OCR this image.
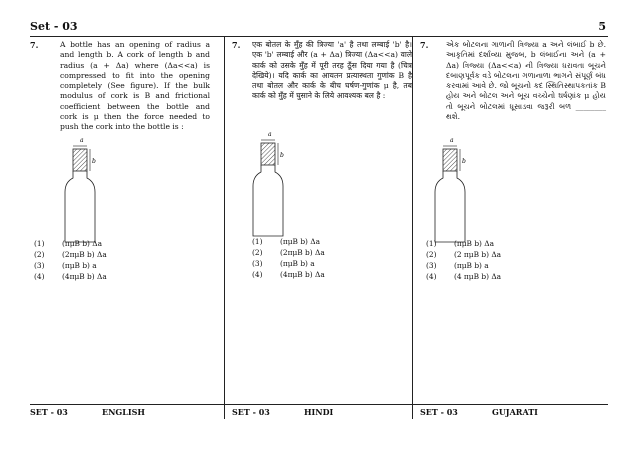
Set - 03	5
7.	A bottle has an opening of radius a and length b. A cork of length b and radius (a + Δa) where (Δa<<a) is compressed to fit into the opening completely (See figure). If the bulk modulus of cork is B and frictional coefficient between the bottle and cork is μ then the force needed to push the cork into the bottle is :
a
b
(1)	(πμB b) Δa
(2)	(2πμB b) Δa
(3)	(πμB b) a
(4)	(4πμB b) Δa
7. एक बोतल के मुँह की त्रिज्या 'a' है तथा लम्बाई 'b' है। एक 'b' लम्बाई और (a + Δa) त्रिज्या (Δa<<a) वाले कार्क को उसके मुँह में पूरी तरह ठूँस दिया गया है (चित्र देखिये)। यदि कार्क का आयतन प्रत्यास्थता गुणांक B है तथा बोतल और कार्क के बीच घर्षण-गुणांक μ है, तब कार्क को मुँह में घुसाने के लिये आवश्यक बल है :
a
b
(1)	(πμB b) Δa
(2)	(2πμB b) Δa
(3)	(πμB b) a
(4)	(4πμB b) Δa
7. એક બોટલના ગાળાની ત્રિજ્યા a અને લંબાઈ b છે. આકૃતિમાં દર્શાવ્યા મુજબ, b લંબાઈના અને (a + Δa) ત્રિજ્યા (Δa<<a) ની ત્રિજ્યા ધરાવતા બૂચને દબાણપૂર્વક વડે બોટલના ગળાનાળા ભાગને સંપૂર્ણ બંધ કરવામાં આવે છે. જો બૂચનો કદ સ્થિતિસ્થાપકતાંક B હોય અને બોટલ અને બૂચ વચ્ચેનો ઘર્ષણાંક μ હોય તો બૂચને બોટલમાં ધૂસાડવા જરૂરી બળ ________ થશે.
a
b
(1)	(πμB b) Δa
(2)	(2 πμB b) Δa
(3)	(πμB b) a
(4)	(4 πμB b) Δa
SET - 03	ENGLISH	SET - 03	HINDI	SET - 03	GUJARATI
